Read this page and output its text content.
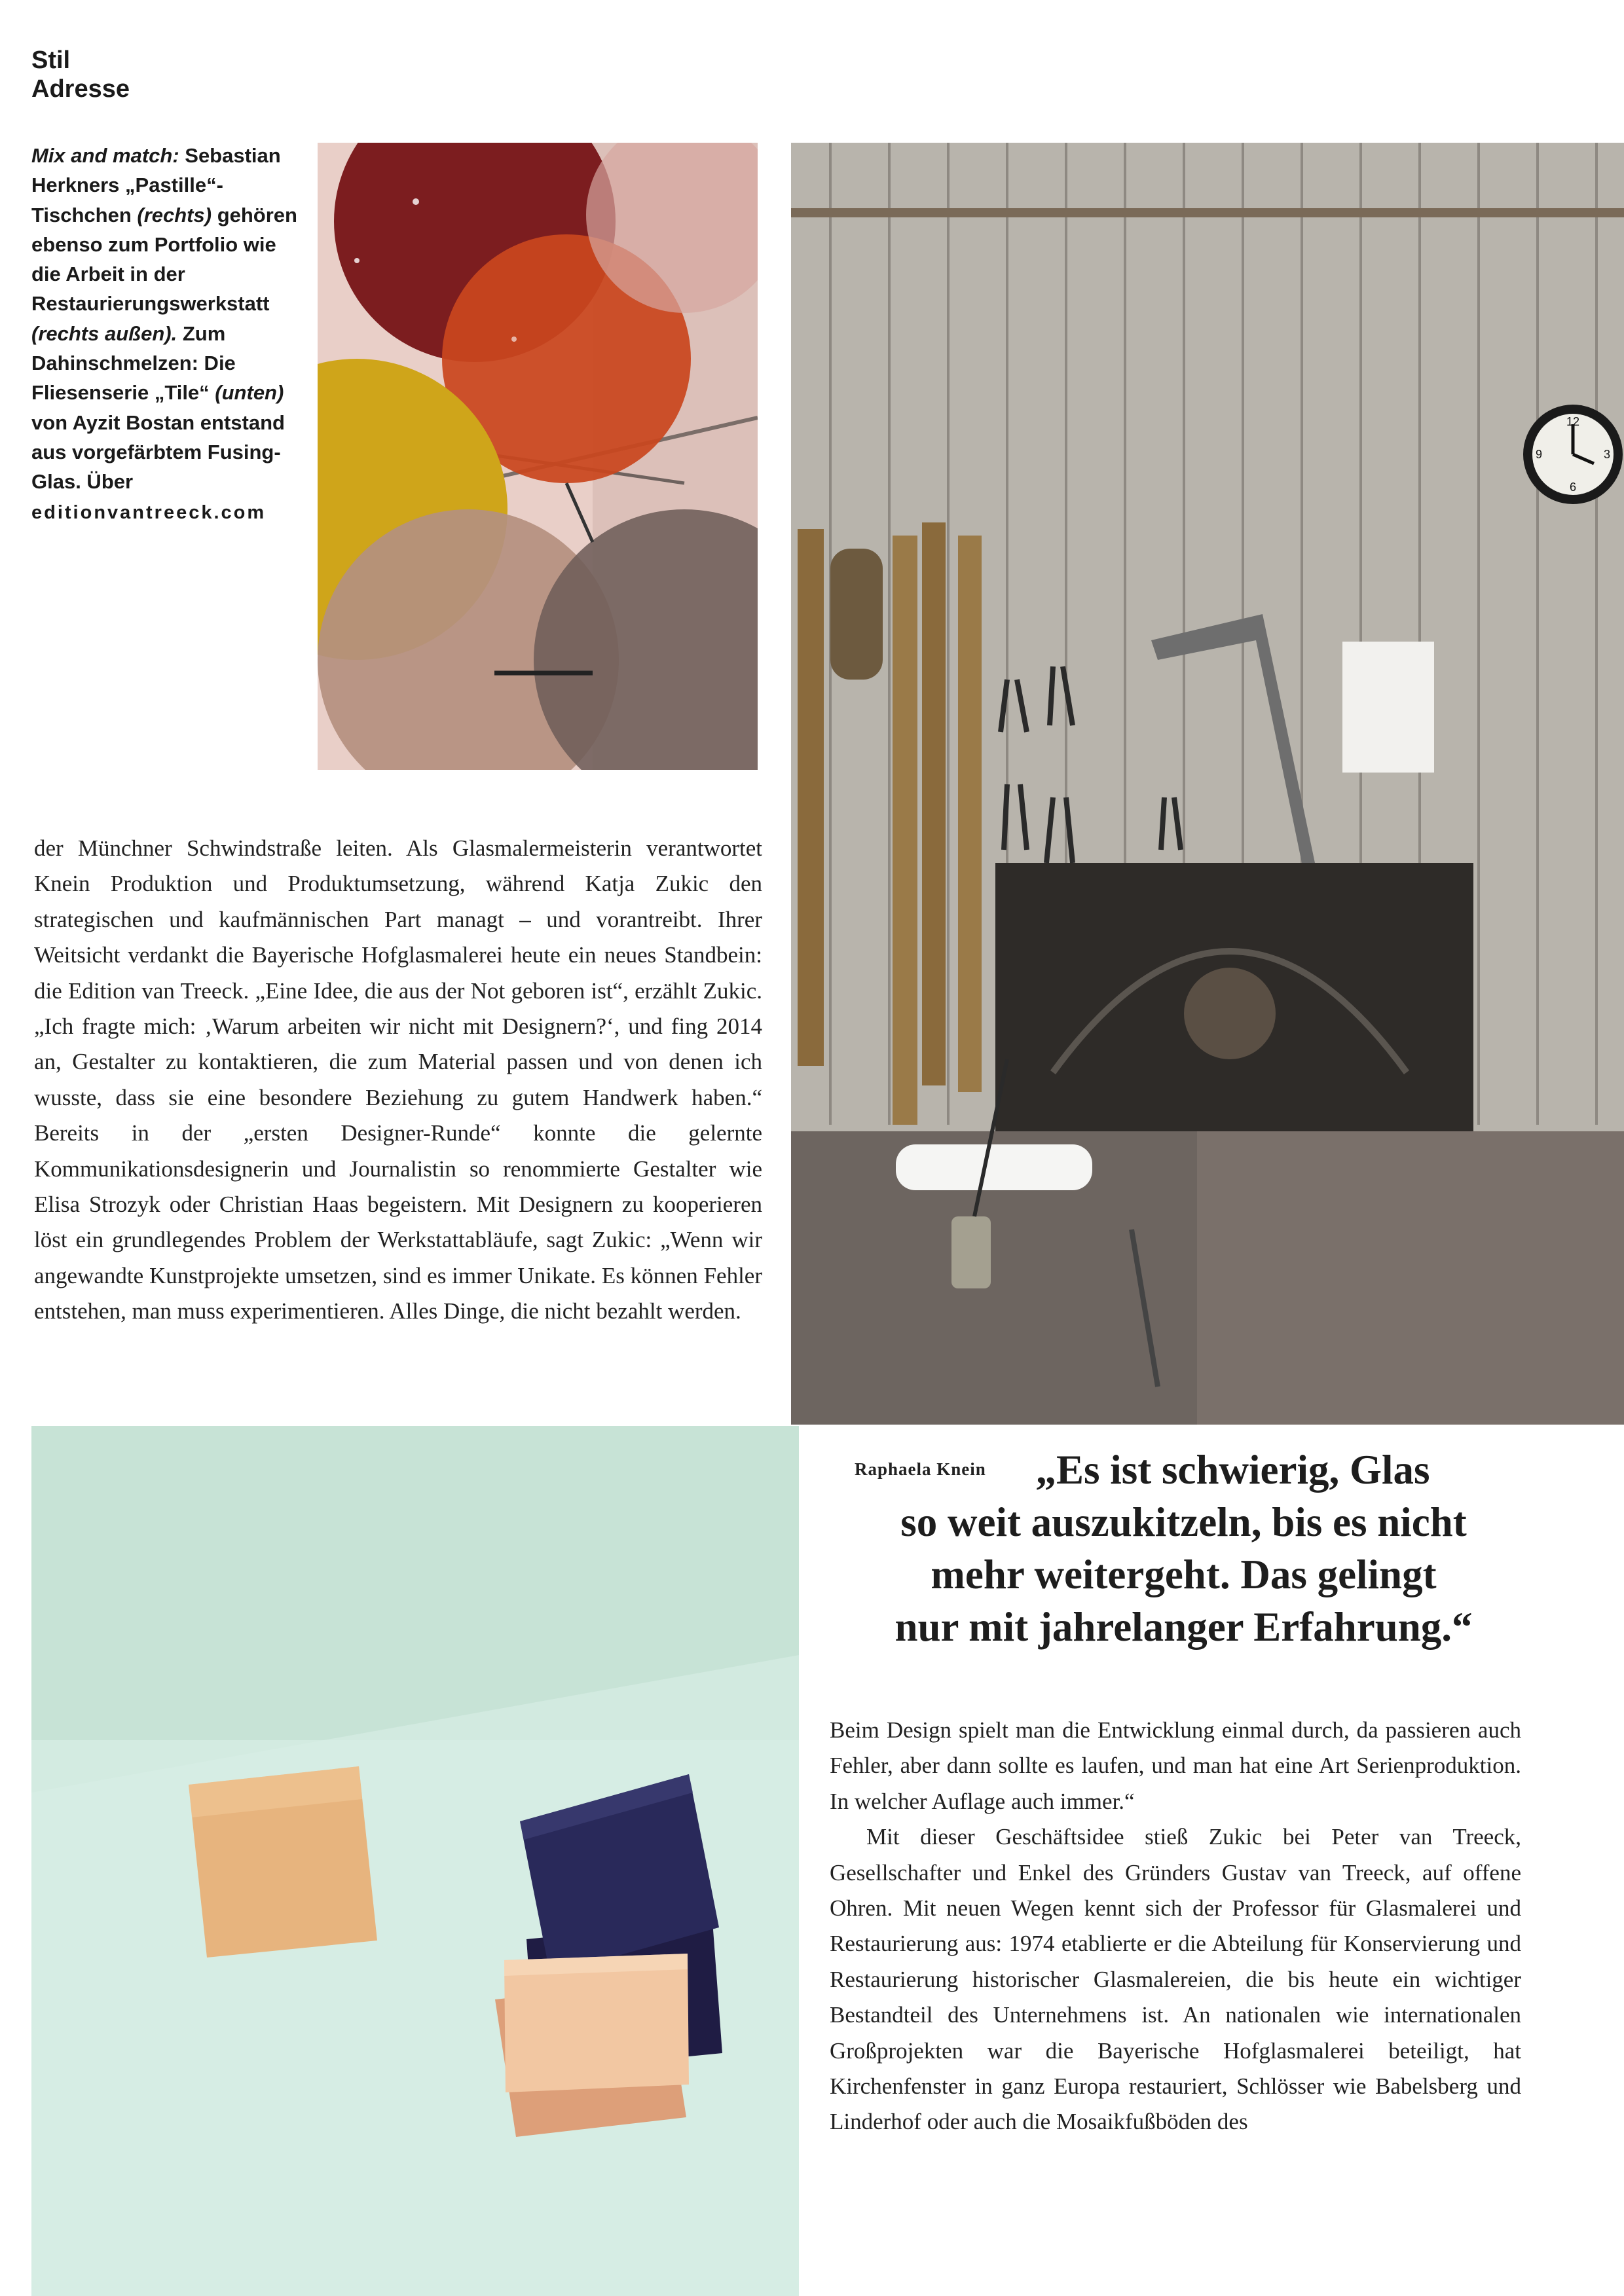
Stil
Adresse
Mix and match: Sebastian Herkners „Pastille“-Tischchen (rechts) gehören ebenso zum Portfolio wie die Arbeit in der Restaurierungswerkstatt (rechts außen). Zum Dahinschmelzen: Die Fliesenserie „Tile“ (unten) von Ayzit Bostan entstand aus vorgefärbtem Fusing-Glas. Über
editionvantreeck.com
12
3
6
9

der Münchner Schwindstraße leiten. Als Glasmalermeisterin verantwortet Knein Produktion und Produktumsetzung, während Katja Zukic den strategischen und kaufmännischen Part managt – und vorantreibt. Ihrer Weitsicht verdankt die Bayerische Hofglasmalerei heute ein neues Standbein: die Edition van Treeck. „Eine Idee, die aus der Not geboren ist“, erzählt Zukic. „Ich fragte mich: ‚Warum arbeiten wir nicht mit Designern?‘, und fing 2014 an, Gestalter zu kontaktieren, die zum Material passen und von denen ich wusste, dass sie eine besondere Beziehung zu gutem Handwerk haben.“ Bereits in der „ersten Designer-Runde“ konnte die gelernte Kommunikationsdesignerin und Journalistin so renommierte Gestalter wie Elisa Strozyk oder Christian Haas begeistern. Mit Designern zu kooperieren löst ein grundlegendes Problem der Werkstattabläufe, sagt Zukic: „Wenn wir angewandte Kunstprojekte umsetzen, sind es immer Unikate. Es können Fehler entstehen, man muss experimentieren. Alles Dinge, die nicht bezahlt werden.

Raphaela Knein	„Es ist schwierig, Glas
so weit auszukitzeln, bis es nicht
mehr weitergeht. Das gelingt
nur mit jahrelanger Erfahrung.“

Beim Design spielt man die Entwicklung einmal durch, da passieren auch Fehler, aber dann sollte es laufen, und man hat eine Art Serienproduktion. In welcher Auflage auch immer.“

Mit dieser Geschäftsidee stieß Zukic bei Peter van Treeck, Gesellschafter und Enkel des Gründers Gustav van Treeck, auf offene Ohren. Mit neuen Wegen kennt sich der Professor für Glasmalerei und Restaurierung aus: 1974 etablierte er die Abteilung für Konservierung und Restaurierung historischer Glasmalereien, die bis heute ein wichtiger Bestandteil des Unternehmens ist. An nationalen wie internationalen Großprojekten war die Bayerische Hofglasmalerei beteiligt, hat Kirchenfenster in ganz Europa restauriert, Schlösser wie Babelsberg und Linderhof oder auch die Mosaikfußböden des
